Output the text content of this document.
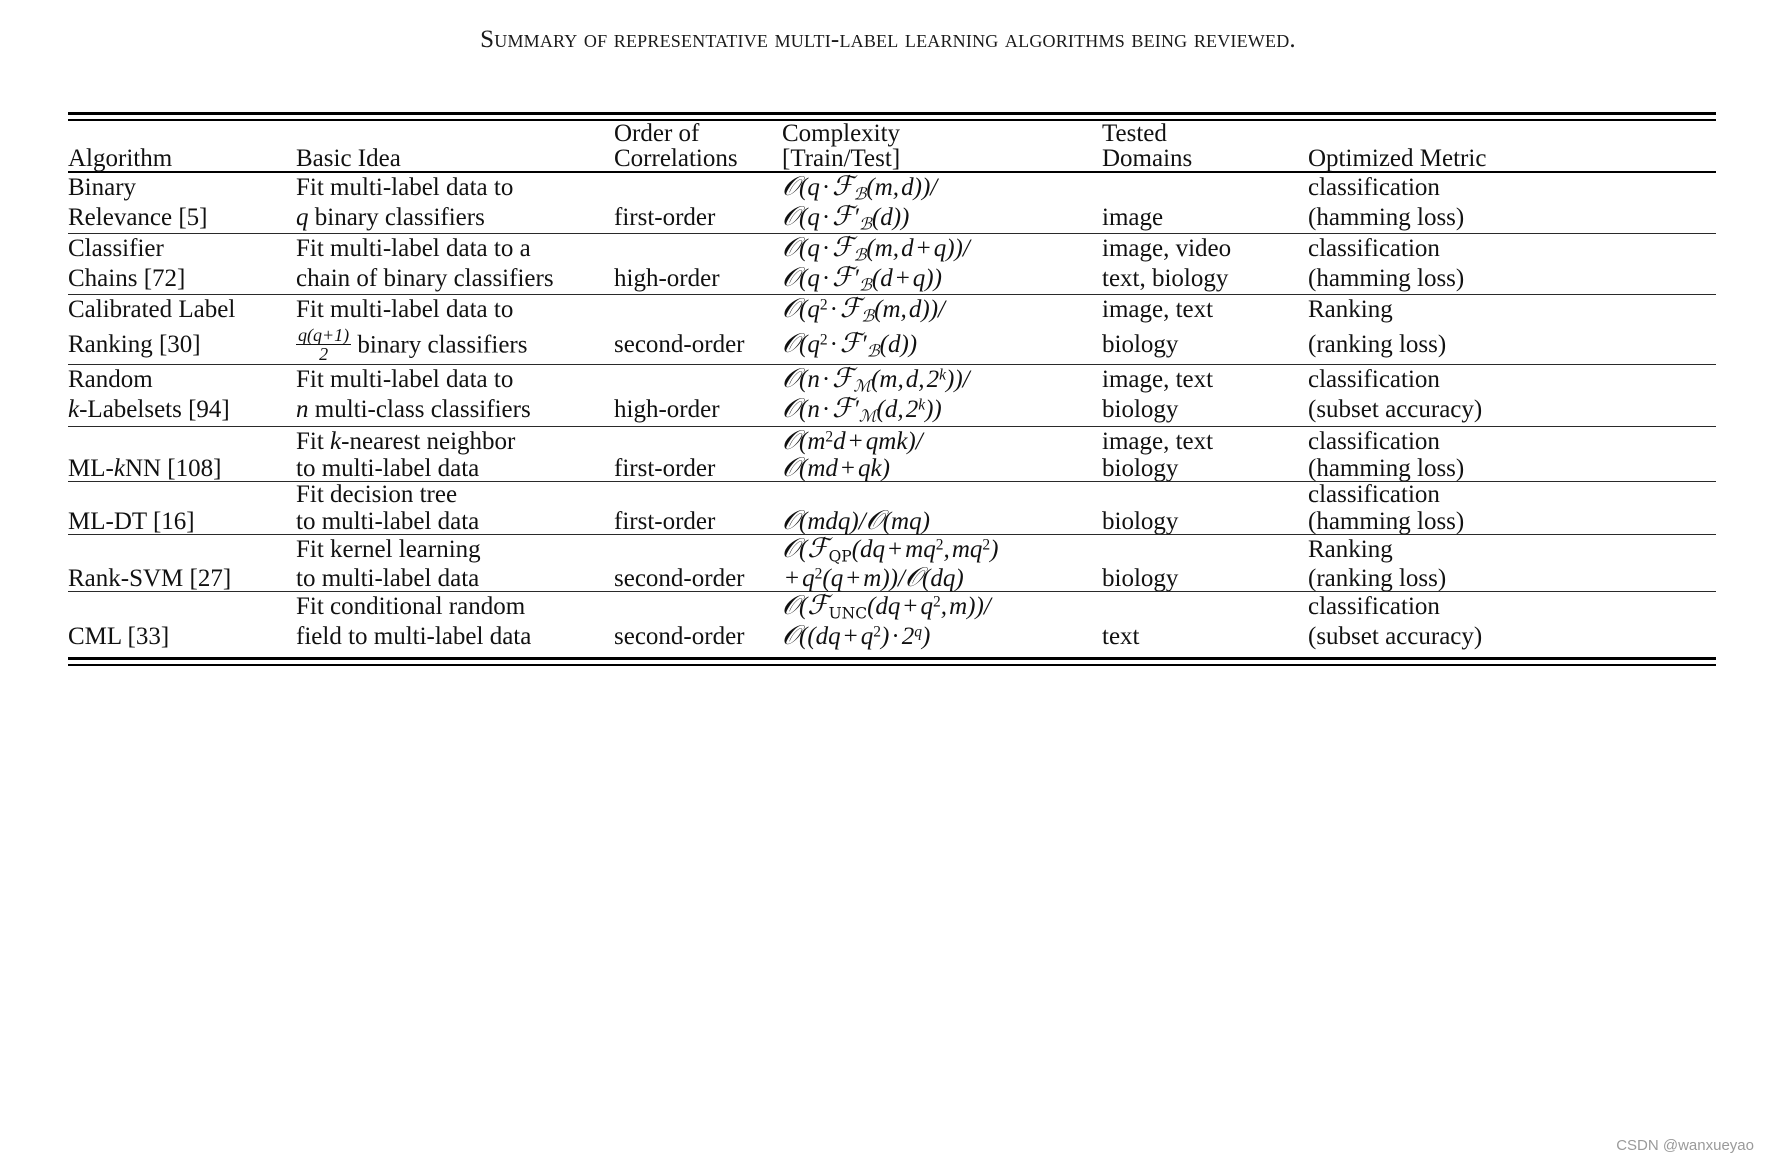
Summary of representative multi-label learning algorithms being reviewed.
		Order of	Complexity	Tested	
Algorithm	Basic Idea	Correlations	[Train/Test]	Domains	Optimized Metric

Binary	Fit multi-label data to		𝒪(q·ℱ$_ℬ$(m, d))/		classification
Relevance [5]	q binary classifiers	first-order	$𝒪(q\cdot ℱ'_ℬ(d))$	image	(hamming loss)

Classifier	Fit multi-label data to a		𝒪(q·ℱ$_ℬ$(m, d + q))/	image, video	classification
Chains [72]	chain of binary classifiers	high-order	$𝒪(q\cdot ℱ'_ℬ(d + q))$	text, biology	(hamming loss)

Calibrated Label	Fit multi-label data to		$𝒪(q^2\cdot ℱ_ℬ(m$, d))/	image, text	Ranking
Ranking [30]	$\frac{q(q+1)}{2}$ binary classifiers	second-order	$𝒪(q^2\cdot ℱ'_ℬ(d))$	biology	(ranking loss)

Random	Fit multi-label data to		𝒪(n·ℱ$_ℳ$(m, d, 2$^k$))/	image, text	classification
k-Labelsets [94]	n multi-class classifiers	high-order	$𝒪(n\cdot ℱ'_ℳ(d$, 2$^k$))	biology	(subset accuracy)

	Fit k-nearest neighbor		$𝒪(m^2d + qmk)/$	image, text	classification
ML-kNN [108]	to multi-label data	first-order	𝒪(md + qk)	biology	(hamming loss)

	Fit decision tree				classification
ML-DT [16]	to multi-label data	first-order	𝒪(mdq)/𝒪(mq)	biology	(hamming loss)

	Fit kernel learning		𝒪(ℱ$_{QP}$(dq + $mq^2$, $mq^2$)		Ranking
Rank-SVM [27]	to multi-label data	second-order	+ $q^2(q$ + m))/𝒪(dq)	biology	(ranking loss)

	Fit conditional random		𝒪(ℱ$_{UNC}$(dq + $q^2$, m))/		classification
CML [33]	field to multi-label data	second-order	𝒪((dq + $q^2)\cdot 2^q$)	text	(subset accuracy)

CSDN @wanxueyao
